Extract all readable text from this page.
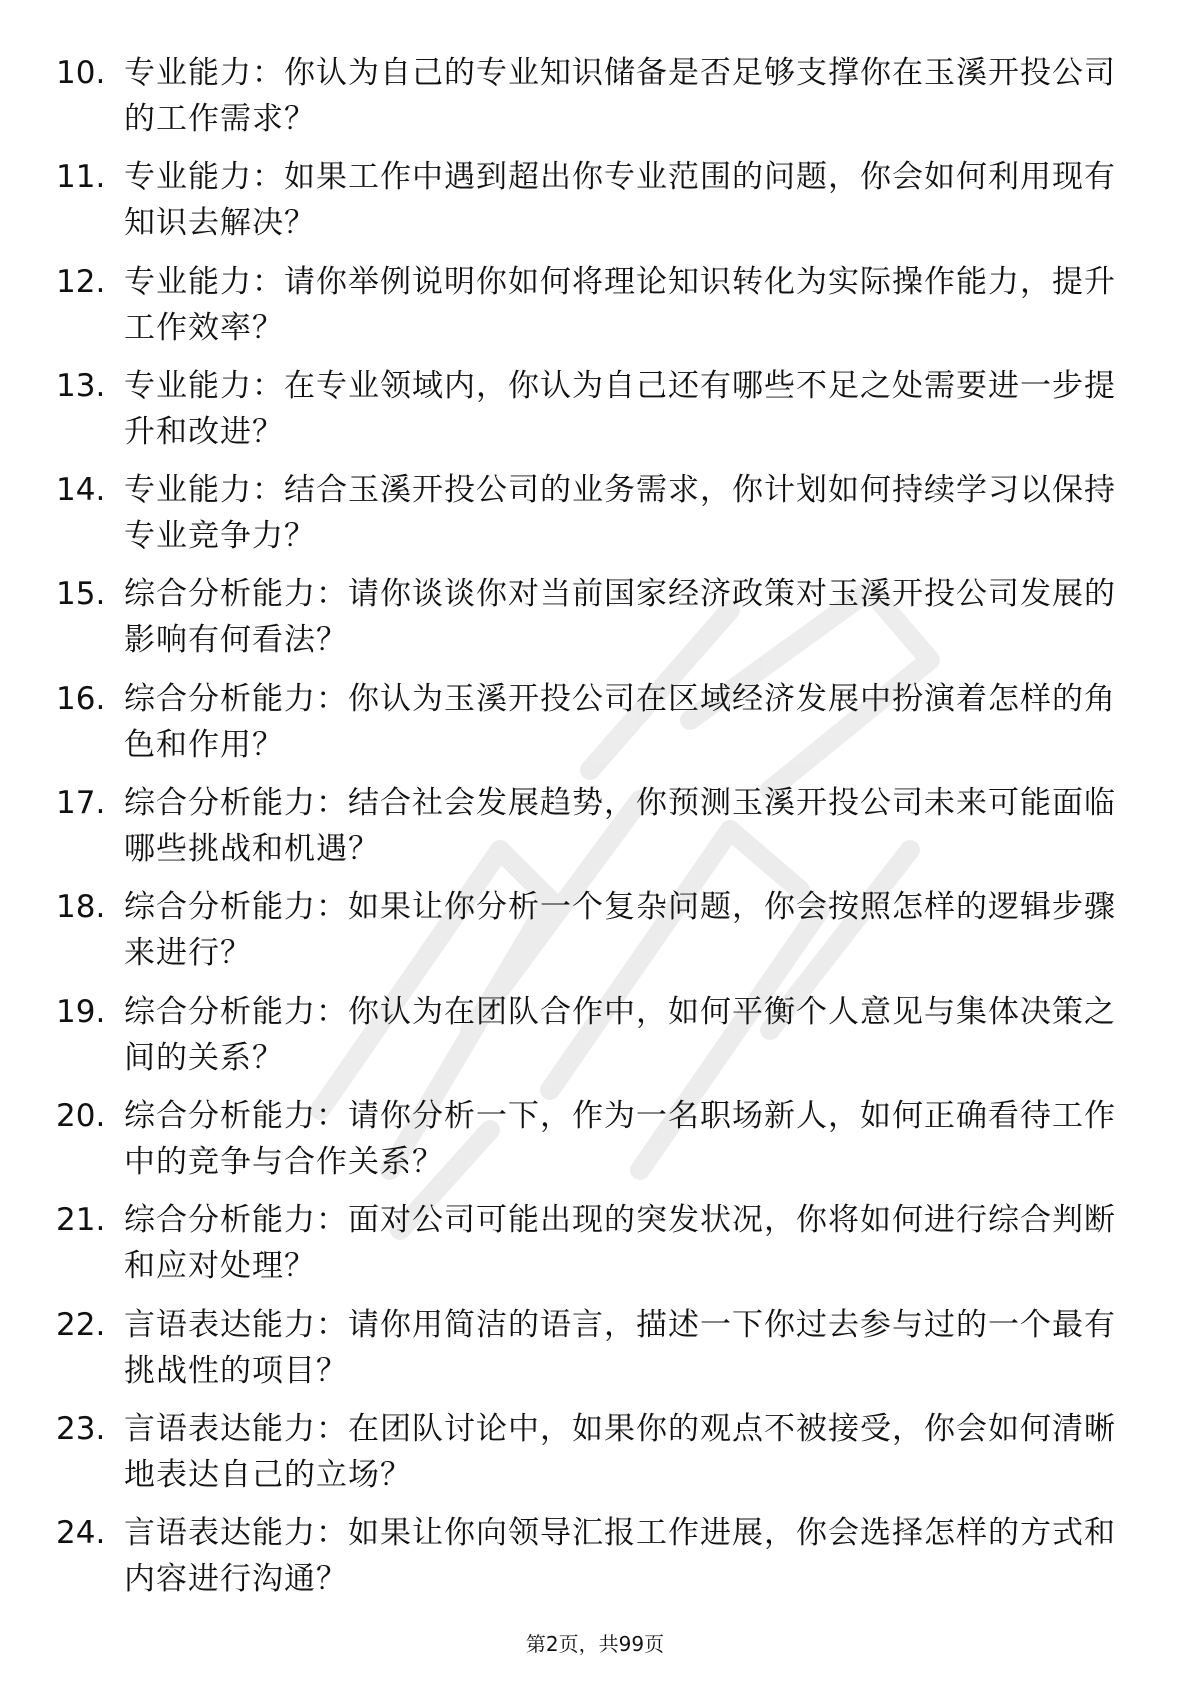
10. 专业能力：你认为自己的专业知识储备是否足够支撑你在玉溪开投公司的工作需求？
11. 专业能力：如果工作中遇到超出你专业范围的问题，你会如何利用现有知识去解决？
12. 专业能力：请你举例说明你如何将理论知识转化为实际操作能力，提升工作效率？
13. 专业能力：在专业领域内，你认为自己还有哪些不足之处需要进一步提升和改进？
14. 专业能力：结合玉溪开投公司的业务需求，你计划如何持续学习以保持专业竞争力？
15. 综合分析能力：请你谈谈你对当前国家经济政策对玉溪开投公司发展的影响有何看法？
16. 综合分析能力：你认为玉溪开投公司在区域经济发展中扮演着怎样的角色和作用？
17. 综合分析能力：结合社会发展趋势，你预测玉溪开投公司未来可能面临哪些挑战和机遇？
18. 综合分析能力：如果让你分析一个复杂问题，你会按照怎样的逻辑步骤来进行？
19. 综合分析能力：你认为在团队合作中，如何平衡个人意见与集体决策之间的关系？
20. 综合分析能力：请你分析一下，作为一名职场新人，如何正确看待工作中的竞争与合作关系？
21. 综合分析能力：面对公司可能出现的突发状况，你将如何进行综合判断和应对处理？
22. 言语表达能力：请你用简洁的语言，描述一下你过去参与过的一个最有挑战性的项目？
23. 言语表达能力：在团队讨论中，如果你的观点不被接受，你会如何清晰地表达自己的立场？
24. 言语表达能力：如果让你向领导汇报工作进展，你会选择怎样的方式和内容进行沟通？
第2页，共99页
